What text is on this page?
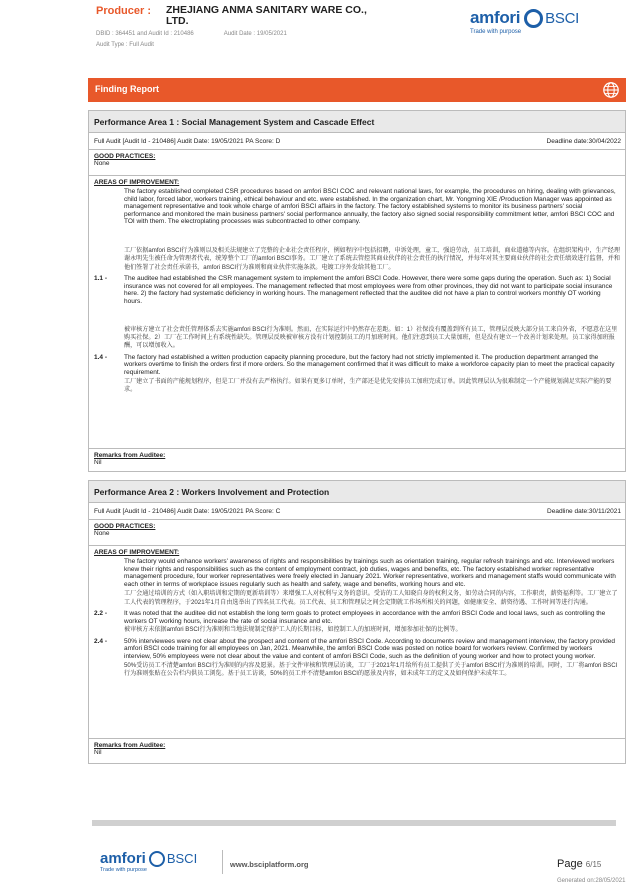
Producer : ZHEJIANG ANMA SANITARY WARE CO., LTD.
DBID : 364451 and Audit Id : 210486	Audit Date : 19/05/2021
Audit Type : Full Audit
amfori BSCI
Trade with purpose
Finding Report
Performance Area 1 : Social Management System and Cascade Effect
Full Audit [Audit Id - 210486] Audit Date: 19/05/2021 PA Score: D	Deadline date:30/04/2022
GOOD PRACTICES:
None
AREAS OF IMPROVEMENT:
The factory established completed CSR procedures based on amfori BSCI COC and relevant national laws, for example, the procedures on hiring, dealing with grievances, child labor, forced labor, workers training, ethical behaviour and etc. were established. In the organization chart, Mr. Yongming XIE /Production Manager was appointed as management representative and took whole charge of amfori BSCI affairs in the factory. The factory established systems to monitor its business partners' social performance and monitored the main business partners' social performance annually, the factory also signed social responsibility commitment letter, amfori BSCI COC and TOI with them. The electroplating processes was subcontracted to other company.
工厂依据amfori BSCI行为准则以及相关法规建立了完整的企业社会责任程序，例如程序中包括招聘，申诉处理，童工，强迫劳动，员工培训，商业道德等内容。在组织架构中，生产经理谢永明先生被任命为管理者代表，统筹整个工厂的amfori BSCI事务。工厂建立了系统去管控其商业伙伴的社会责任的执行情况，并每年对其主要商业伙伴的社会责任绩效进行监督，并和他们签署了社会责任承诺书，amfori BSCI行为准则和商业伙伴实施条款。电镀工序外发给其他工厂。
1.1 -	The auditee had established the CSR management system to implement the amfori BSCI Code. However, there were some gaps during the operation. Such as: 1) Social insurance was not covered for all employees. The management reflected that most employees were from other provinces, they did not want to participate social insurance here. 2) the factory had systematic deficiency in working hours. The management reflected that the auditee did not have a plan to control workers monthly OT working hours.
被审核方建立了社会责任管理体系去实施amfori BSCI行为准则。然而，在实际运行中仍然存在差距。如：1）社保没有覆盖到所有员工，管理层反映大部分员工来自外省，不愿意在这里购买社保。2）工厂在工作时间上有系统性缺失。管理层反映被审核方没有计划控制员工的月加班时间。他们注意到员工大量加班，但是没有建立一个改善计划来处理。员工家得加班报酬，可以增加收入。
1.4 -	The factory had established a written production capacity planning procedure, but the factory had not strictly implemented it. The production department arranged the workers overtime to finish the orders first if more orders. So the management confirmed that it was difficult to make a workforce capacity plan to meet the practical capacity requirement.
工厂建立了书面的产能规划程序，但是工厂并没有去严格执行。如果有更多订单时，生产部还是优先安排员工加班完成订单。因此管理层认为很难制定一个产能规划满足实际产能的要求。
Remarks from Auditee:
Nil
Performance Area 2 : Workers Involvement and Protection
Full Audit [Audit Id - 210486] Audit Date: 19/05/2021 PA Score: C	Deadline date:30/11/2021
GOOD PRACTICES:
None
AREAS OF IMPROVEMENT:
The factory would enhance workers' awareness of rights and responsibilities by trainings such as orientation training, regular refresh trainings and etc. Interviewed workers knew their rights and responsibilities such as the content of employment contract, job duties, wages and benefits, etc. The factory established worker representative management procedure, four worker representatives were freely elected in January 2021. Worker representative, workers and management staffs would communicate with each other in terms of workplace issues regularly such as health and safety, wage and benefits, working hours and etc.
工厂会通过培训的方式（如入职培训和定期的更新培训等）来增强工人对权利与义务的意识。受访的工人知晓自身的权利义务，如劳动合同的内容，工作职责，薪资福利等。工厂建立了工人代表的管理程序，于2021年1月自由选举出了四名员工代表。员工代表、员工和管理层之间会定期就工作场所相关的问题，如健康安全、薪资待遇、工作时间等进行沟通。
2.2 -	It was noted that the auditee did not establish the long term goals to protect employees in accordance with the amfori BSCI Code and local laws, such as controlling the workers OT working hours, increase the rate of social insurance and etc.
被审核方未依据amfori BSCI行为准则和当地法规制定保护工人的长期目标，如控制工人的加班时间，增加参加社保的比例等。
2.4 -	50% interviewees were not clear about the prospect and content of the amfori BSCI Code. According to documents review and management interview, the factory provided amfori BSCI code training for all employees on Jan, 2021. Meanwhile, the amfori BSCI Code was posted on notice board for workers review. Confirmed by workers interview, 50% employees were not clear about the value and content of amfori BSCI Code, such as the definition of young worker and how to protect young worker.
50%受访员工不清楚amfori BSCI行为准则的内容及愿景。基于文件审核和管理层访谈，工厂于2021年1月给所有员工提供了关于amfori BSCI行为准则的培训。同时，工厂将amfori BSCI行为准则张贴在公告栏内供员工浏览。基于员工访谈，50%的员工并不清楚amfori BSCI的愿景及内容，如未成年工的定义及如何保护未成年工。
Remarks from Auditee:
Nil
amfori BSCI
Trade with purpose
www.bsciplatform.org	Page 6/15
Generated on:28/05/2021
